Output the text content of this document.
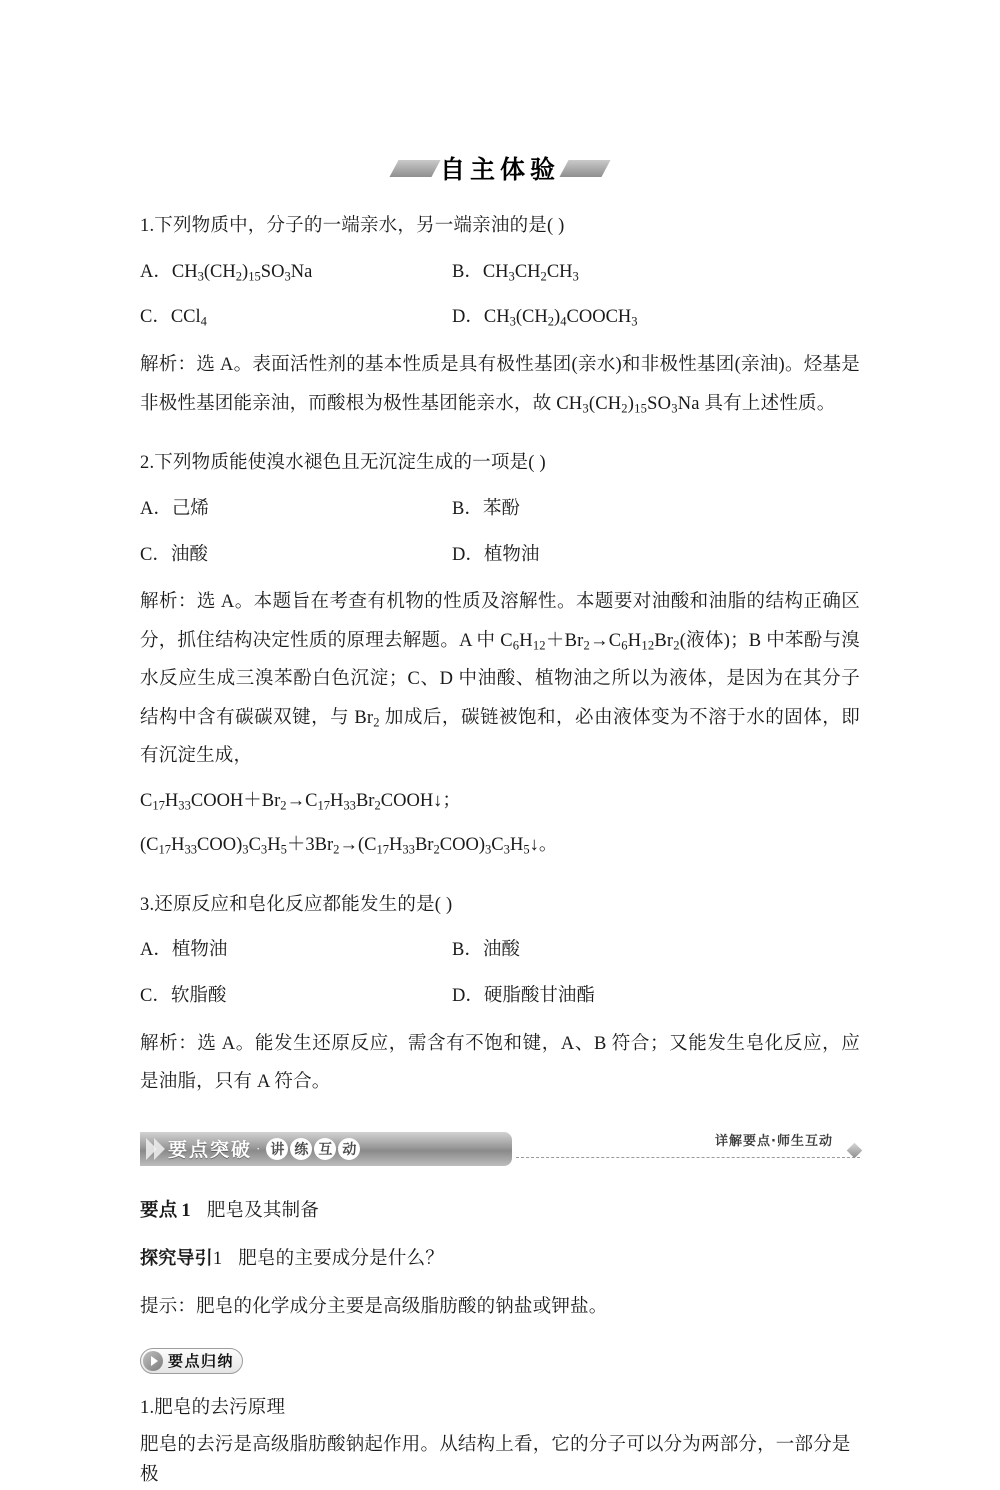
自主体验
1.下列物质中，分子的一端亲水，另一端亲油的是( )
A．$CH_3(CH_2)_{15}SO_3Na$	B．$CH_3CH_2CH_3$
C．CCl$_4$	D．$CH_3(CH_2)_4COOCH_3$
解析：选 A。表面活性剂的基本性质是具有极性基团(亲水)和非极性基团(亲油)。烃基是非极性基团能亲油，而酸根为极性基团能亲水，故 $CH_3(CH_2)_{15}SO_3Na$ 具有上述性质。
2.下列物质能使溴水褪色且无沉淀生成的一项是( )
A．己烯	B．苯酚
C．油酸	D．植物油
解析：选 A。本题旨在考查有机物的性质及溶解性。本题要对油酸和油脂的结构正确区分，抓住结构决定性质的原理去解题。A 中 $C_6H_{12}+Br_2\to C_6H_{12}Br_2$(液体)；B 中苯酚与溴水反应生成三溴苯酚白色沉淀；C、D 中油酸、植物油之所以为液体，是因为在其分子结构中含有碳碳双键，与 $Br_2$ 加成后，碳链被饱和，必由液体变为不溶于水的固体，即有沉淀生成，
$C_{17}H_{33}COOH+Br_2\to C_{17}H_{33}Br_2COOH↓$；
$(C_{17}H_{33}COO)_3C_3H_5+3Br_2\to(C_{17}H_{33}Br_2COO)_3C_3H_5↓$。
3.还原反应和皂化反应都能发生的是( )
A．植物油	B．油酸
C．软脂酸	D．硬脂酸甘油酯
解析：选 A。能发生还原反应，需含有不饱和键，A、B 符合；又能发生皂化反应，应是油脂，只有 A 符合。
要点突破 · 讲 练 互 动
详解要点·师生互动
要点 1 肥皂及其制备
探究导引1 肥皂的主要成分是什么？
提示：肥皂的化学成分主要是高级脂肪酸的钠盐或钾盐。
要点归纳
1.肥皂的去污原理
肥皂的去污是高级脂肪酸钠起作用。从结构上看，它的分子可以分为两部分，一部分是极
